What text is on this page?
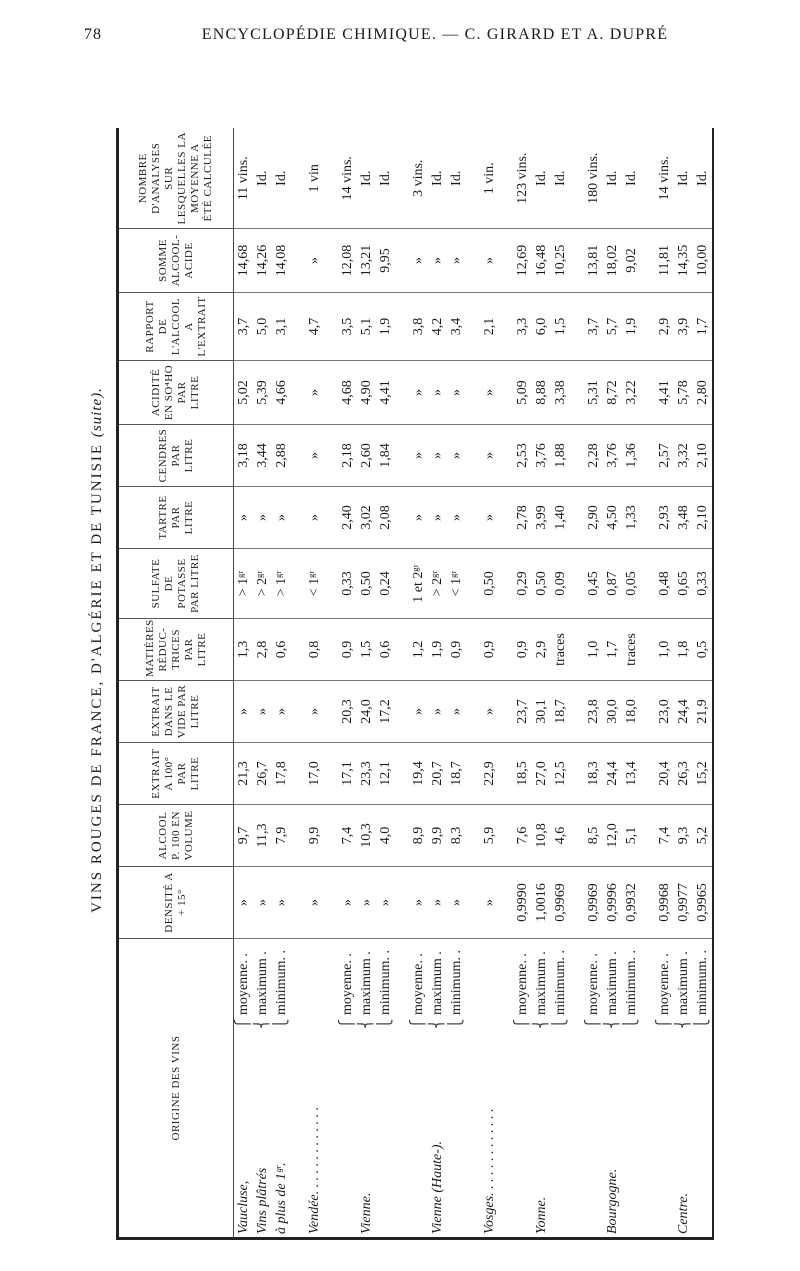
78	ENCYCLOPÉDIE CHIMIQUE. — C. GIRARD ET A. DUPRÉ
VINS ROUGES DE FRANCE, D'ALGÉRIE ET DE TUNISIE (suite).
ORIGINE DES VINS	DENSITÉ A + 15°	ALCOOL P. 100 EN VOLUME	EXTRAIT A 100° PAR LITRE	EXTRAIT DANS LE VIDE PAR LITRE	MATIÈRES RÉDUC-TRICES PAR LITRE	SULFATE DE POTASSE PAR LITRE	TARTRE PAR LITRE	CENDRES PAR LITRE	ACIDITÉ EN SO⁴HO PAR LITRE	RAPPORT DE L'ALCOOL A L'EXTRAIT	SOMME ALCOOL-ACIDE	NOMBRE D'ANALYSES SUR LESQUELLES LA MOYENNE A ÉTÉ CALCULÉE
Vaucluse,⎧moyenne. .	»	9,7	21,3	»	1,3	> 1ᵍʳ	»	3,18	5,02	3,7	14,68	11 vins.
Vins plâtrés⎨maximum .	»	11,3	26,7	»	2,8	> 2ᵍʳ	»	3,44	5,39	5,0	14,26	Id.
à plus de 1ᵍʳ.⎩minimum. .	»	7,9	17,8	»	0,6	> 1ᵍʳ	»	2,88	4,66	3,1	14,08	Id.

Vendée. . . . . . . . . . . . .	»	9,9	17,0	»	0,8	< 1ᵍʳ	»	»	»	4,7	»	1 vin

⎧moyenne. .	»	7,4	17,1	20,3	0,9	0,33	2,40	2,18	4,68	3,5	12,08	14 vins.
Vienne.⎨maximum .	»	10,3	23,3	24,0	1,5	0,50	3,02	2,60	4,90	5,1	13,21	Id.
⎩minimum. .	»	4,0	12,1	17,2	0,6	0,24	2,08	1,84	4,41	1,9	9,95	Id.

⎧moyenne. .	»	8,9	19,4	»	1,2	1 et 2ᵍʳ	»	»	»	3,8	»	3 vins.
Vienne (Haute-).⎨maximum .	»	9,9	20,7	»	1,9	> 2ᵍʳ	»	»	»	4,2	»	Id.
⎩minimum. .	»	8,3	18,7	»	0,9	< 1ᵍʳ	»	»	»	3,4	»	Id.

Vosges. . . . . . . . . . . . .	»	5,9	22,9	»	0,9	0,50	»	»	»	2,1	»	1 vin.

⎧moyenne. .	0,9990	7,6	18,5	23,7	0,9	0,29	2,78	2,53	5,09	3,3	12,69	123 vins.
Yonne.⎨maximum .	1,0016	10,8	27,0	30,1	2,9	0,50	3,99	3,76	8,88	6,0	16,48	Id.
⎩minimum. .	0,9969	4,6	12,5	18,7	traces	0,09	1,40	1,88	3,38	1,5	10,25	Id.

⎧moyenne. .	0,9969	8,5	18,3	23,8	1,0	0,45	2,90	2,28	5,31	3,7	13,81	180 vins.
Bourgogne.⎨maximum .	0,9996	12,0	24,4	30,0	1,7	0,87	4,50	3,76	8,72	5,7	18,02	Id.
⎩minimum. .	0,9932	5,1	13,4	18,0	traces	0,05	1,33	1,36	3,22	1,9	9,02	Id.

⎧moyenne. .	0,9968	7,4	20,4	23,0	1,0	0,48	2,93	2,57	4,41	2,9	11,81	14 vins.
Centre.⎨maximum .	0,9977	9,3	26,3	24,4	1,8	0,65	3,48	3,32	5,78	3,9	14,35	Id.
⎩minimum. .	0,9965	5,2	15,2	21,9	0,5	0,33	2,10	2,10	2,80	1,7	10,00	Id.
